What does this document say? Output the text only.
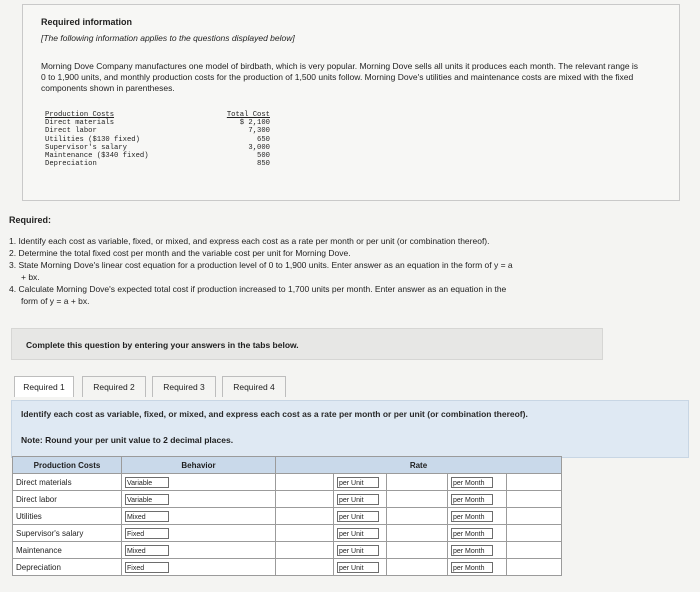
Required information
[The following information applies to the questions displayed below]
Morning Dove Company manufactures one model of birdbath, which is very popular. Morning Dove sells all units it produces each month. The relevant range is 0 to 1,900 units, and monthly production costs for the production of 1,500 units follow. Morning Dove's utilities and maintenance costs are mixed with the fixed components shown in parentheses.
Production Costs	Total Cost
Direct materials	$ 2,100
Direct labor	7,300
Utilities ($130 fixed)	650
Supervisor's salary	3,000
Maintenance ($340 fixed)	500
Depreciation	850
Required:
1. Identify each cost as variable, fixed, or mixed, and express each cost as a rate per month or per unit (or combination thereof).
2. Determine the total fixed cost per month and the variable cost per unit for Morning Dove.
3. State Morning Dove's linear cost equation for a production level of 0 to 1,900 units. Enter answer as an equation in the form of y = a
+ bx.
4. Calculate Morning Dove's expected total cost if production increased to 1,700 units per month. Enter answer as an equation in the
form of y = a + bx.
Complete this question by entering your answers in the tabs below.
Required 1	Required 2	Required 3	Required 4
Identify each cost as variable, fixed, or mixed, and express each cost as a rate per month or per unit (or combination thereof).
Note: Round your per unit value to 2 decimal places.
Production Costs	Behavior	Rate				
Direct materials	Variable		per Unit		per Month	
Direct labor	Variable		per Unit		per Month	
Utilities	Mixed		per Unit		per Month	
Supervisor's salary	Fixed		per Unit		per Month	
Maintenance	Mixed		per Unit		per Month	
Depreciation	Fixed		per Unit		per Month	
